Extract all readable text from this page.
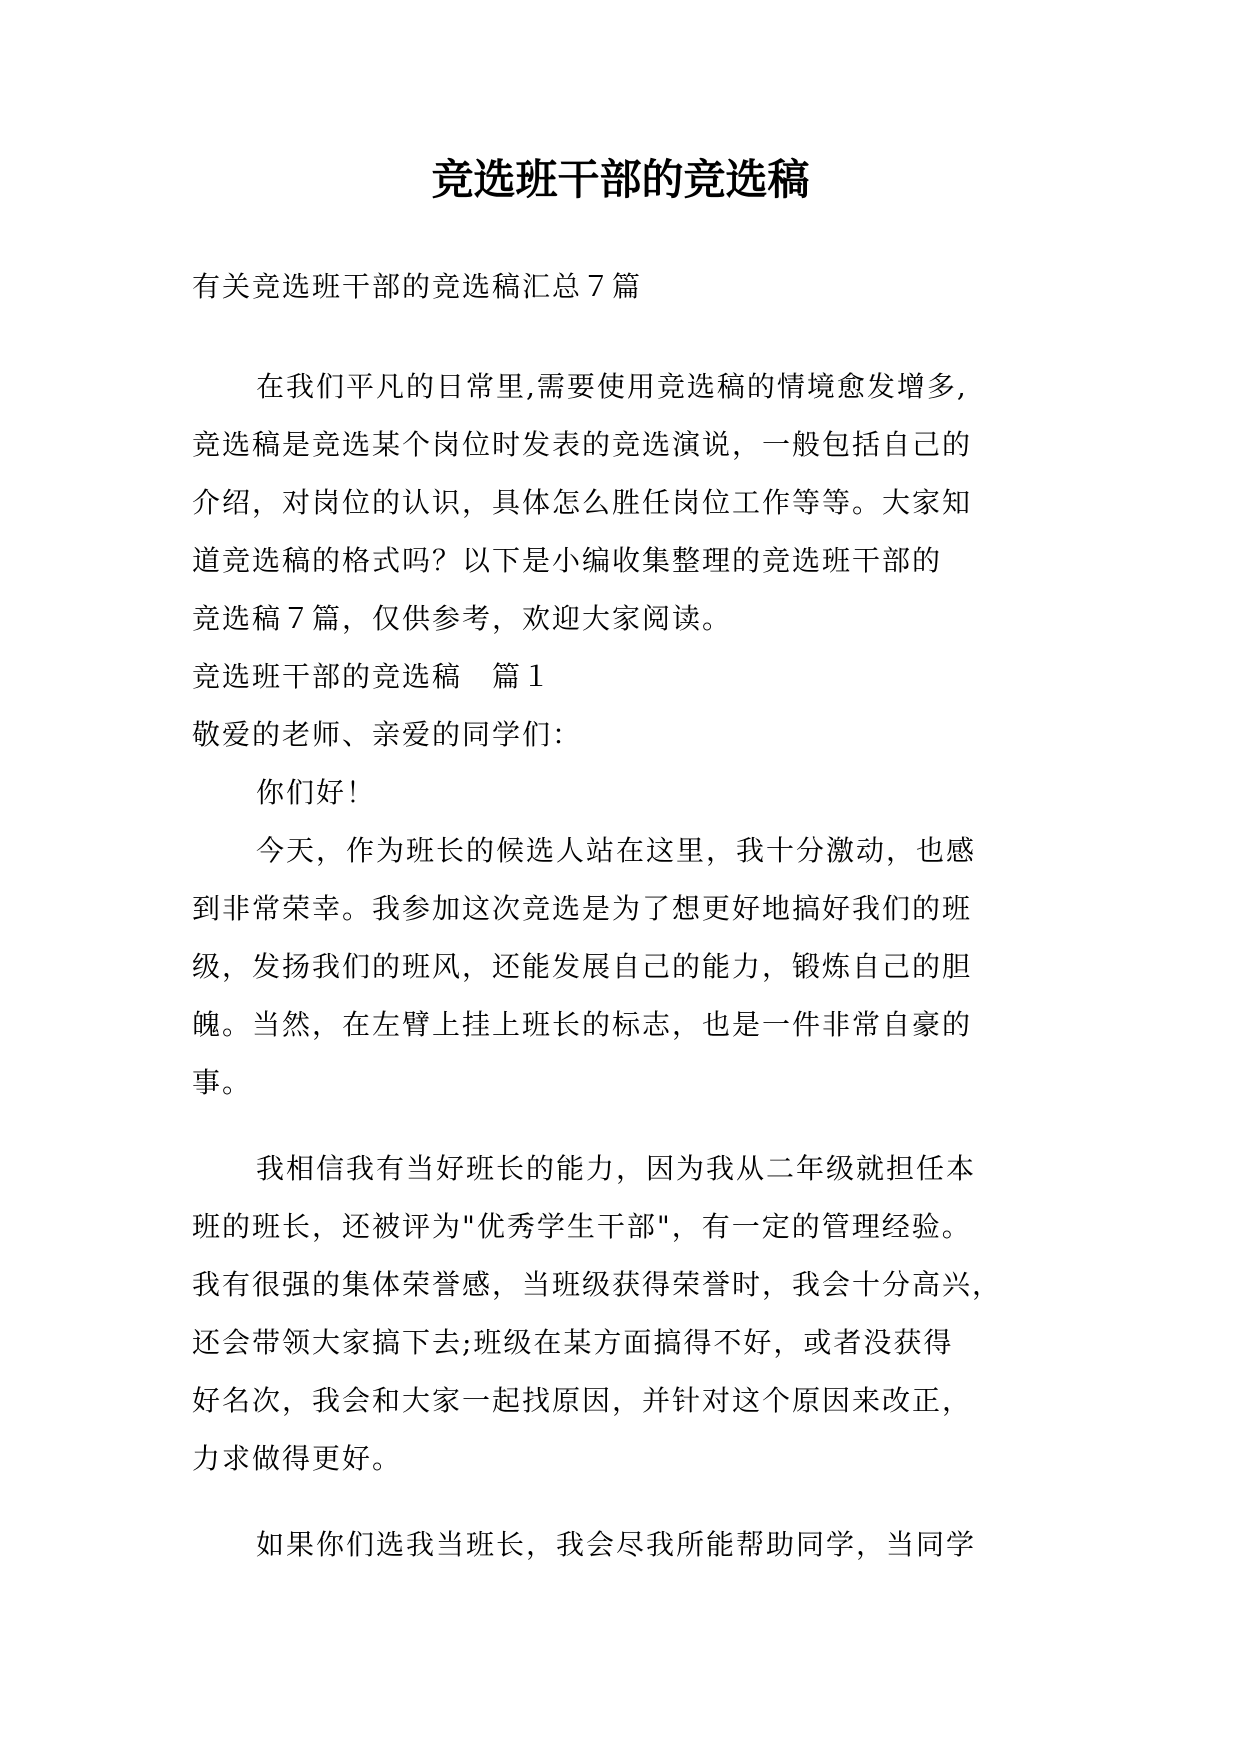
竞选班干部的竞选稿
有关竞选班干部的竞选稿汇总７篇
在我们平凡的日常里,需要使用竞选稿的情境愈发增多,
竞选稿是竞选某个岗位时发表的竞选演说，一般包括自己的
介绍，对岗位的认识，具体怎么胜任岗位工作等等。大家知
道竞选稿的格式吗？以下是小编收集整理的竞选班干部的
竞选稿７篇，仅供参考，欢迎大家阅读。
竞选班干部的竞选稿　篇１
敬爱的老师、亲爱的同学们：
你们好！
今天，作为班长的候选人站在这里，我十分激动，也感
到非常荣幸。我参加这次竞选是为了想更好地搞好我们的班
级，发扬我们的班风，还能发展自己的能力，锻炼自己的胆
魄。当然，在左臂上挂上班长的标志，也是一件非常自豪的
事。
我相信我有当好班长的能力，因为我从二年级就担任本
班的班长，还被评为"优秀学生干部"，有一定的管理经验。
我有很强的集体荣誉感，当班级获得荣誉时，我会十分高兴，
还会带领大家搞下去;班级在某方面搞得不好，或者没获得
好名次，我会和大家一起找原因，并针对这个原因来改正，
力求做得更好。
如果你们选我当班长，我会尽我所能帮助同学，当同学
